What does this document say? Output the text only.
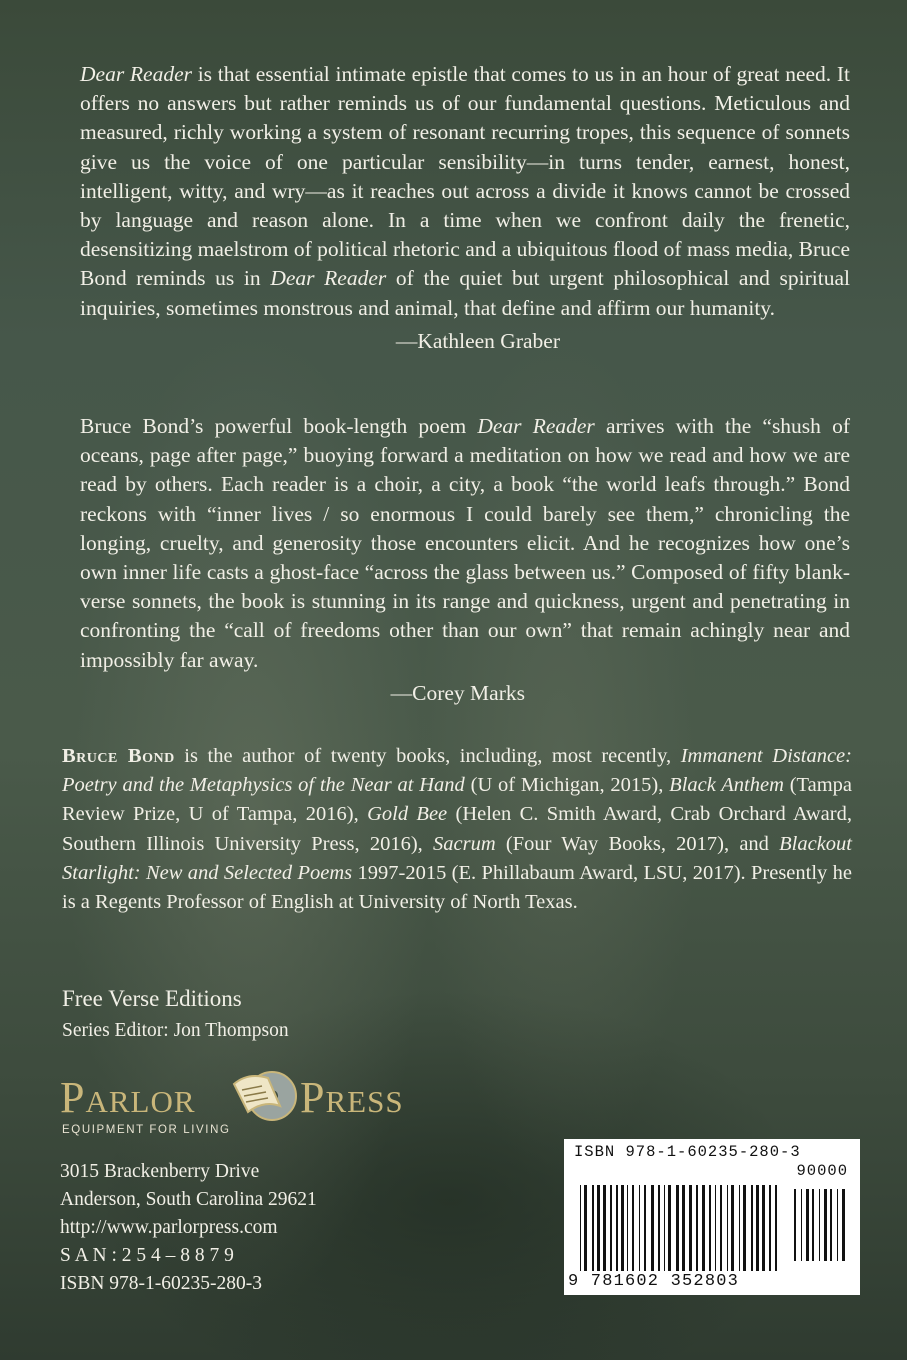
Dear Reader is that essential intimate epistle that comes to us in an hour of great need. It offers no answers but rather reminds us of our fundamental questions. Meticulous and measured, richly working a system of resonant recurring tropes, this sequence of sonnets give us the voice of one particular sensibility—in turns tender, earnest, honest, intelligent, witty, and wry—as it reaches out across a divide it knows cannot be crossed by language and reason alone. In a time when we confront daily the frenetic, desensitizing maelstrom of political rhetoric and a ubiquitous flood of mass media, Bruce Bond reminds us in Dear Reader of the quiet but urgent philosophical and spiritual inquiries, sometimes monstrous and animal, that define and affirm our humanity.

—Kathleen Graber

Bruce Bond’s powerful book-length poem Dear Reader arrives with the “shush of oceans, page after page,” buoying forward a meditation on how we read and how we are read by others. Each reader is a choir, a city, a book “the world leafs through.” Bond reckons with “inner lives / so enormous I could barely see them,” chronicling the longing, cruelty, and generosity those encounters elicit. And he recognizes how one’s own inner life casts a ghost-face “across the glass between us.” Composed of fifty blank-verse sonnets, the book is stunning in its range and quickness, urgent and penetrating in confronting the “call of freedoms other than our own” that remain achingly near and impossibly far away.

—Corey Marks

Bruce Bond is the author of twenty books, including, most recently, Immanent Distance: Poetry and the Metaphysics of the Near at Hand (U of Michigan, 2015), Black Anthem (Tampa Review Prize, U of Tampa, 2016), Gold Bee (Helen C. Smith Award, Crab Orchard Award, Southern Illinois University Press, 2016), Sacrum (Four Way Books, 2017), and Blackout Starlight: New and Selected Poems 1997-2015 (E. Phillabaum Award, LSU, 2017). Presently he is a Regents Professor of English at University of North Texas.

Free Verse Editions
Series Editor: Jon Thompson
Parlor Press
EQUIPMENT FOR LIVING
3015 Brackenberry Drive
Anderson, South Carolina 29621
http://www.parlorpress.com
S A N : 2 5 4 – 8 8 7 9
ISBN 978-1-60235-280-3
ISBN 978-1-60235-280-3
90000
9 781602 352803
